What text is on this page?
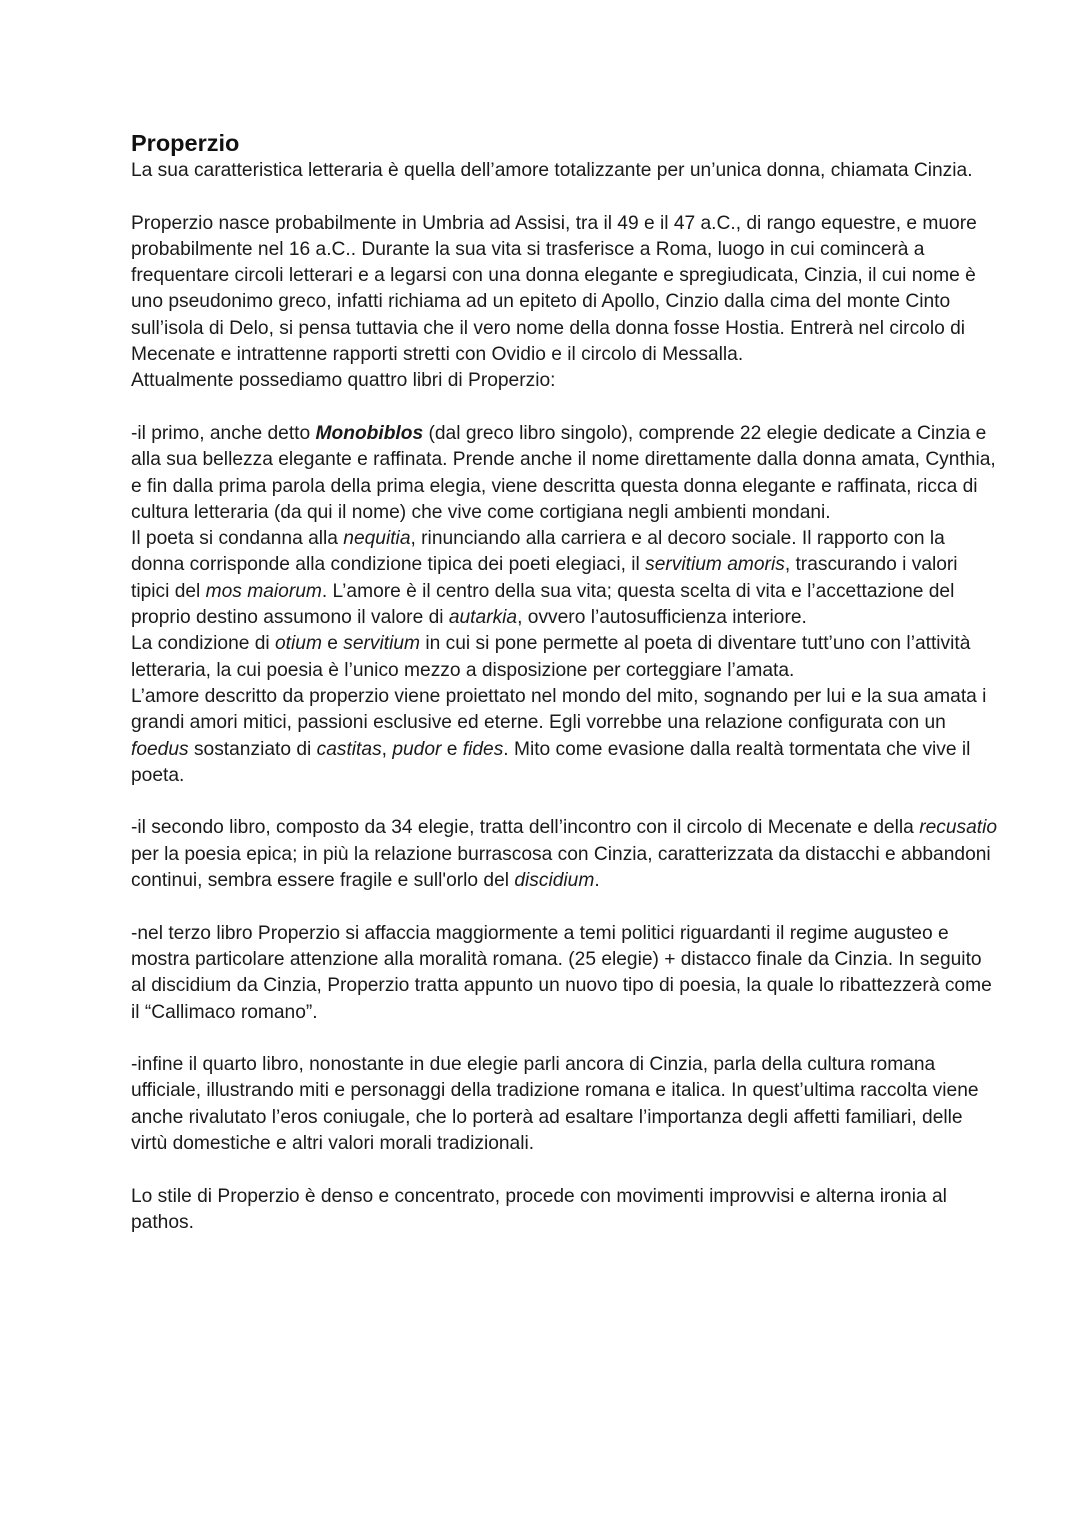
Properzio

La sua caratteristica letteraria è quella dell’amore totalizzante per un’unica donna, chiamata Cinzia.

Properzio nasce probabilmente in Umbria ad Assisi, tra il 49 e il 47 a.C., di rango equestre, e muore probabilmente nel 16 a.C.. Durante la sua vita si trasferisce a Roma, luogo in cui comincerà a frequentare circoli letterari e a legarsi con una donna elegante e spregiudicata, Cinzia, il cui nome è uno pseudonimo greco, infatti richiama ad un epiteto di Apollo, Cinzio dalla cima del monte Cinto sull’isola di Delo, si pensa tuttavia che il vero nome della donna fosse Hostia. Entrerà nel circolo di Mecenate e intrattenne rapporti stretti con Ovidio e il circolo di Messalla.

Attualmente possediamo quattro libri di Properzio:

-il primo, anche detto Monobiblos (dal greco libro singolo), comprende 22 elegie dedicate a Cinzia e alla sua bellezza elegante e raffinata. Prende anche il nome direttamente dalla donna amata, Cynthia, e fin dalla prima parola della prima elegia, viene descritta questa donna elegante e raffinata, ricca di cultura letteraria (da qui il nome) che vive come cortigiana negli ambienti mondani.

Il poeta si condanna alla nequitia, rinunciando alla carriera e al decoro sociale. Il rapporto con la donna corrisponde alla condizione tipica dei poeti elegiaci, il servitium amoris, trascurando i valori tipici del mos maiorum. L’amore è il centro della sua vita; questa scelta di vita e l’accettazione del proprio destino assumono il valore di autarkia, ovvero l’autosufficienza interiore.

La condizione di otium e servitium in cui si pone permette al poeta di diventare tutt’uno con l’attività letteraria, la cui poesia è l’unico mezzo a disposizione per corteggiare l’amata.

L’amore descritto da properzio viene proiettato nel mondo del mito, sognando per lui e la sua amata i grandi amori mitici, passioni esclusive ed eterne. Egli vorrebbe una relazione configurata con un foedus sostanziato di castitas, pudor e fides. Mito come evasione dalla realtà tormentata che vive il poeta.

-il secondo libro, composto da 34 elegie, tratta dell’incontro con il circolo di Mecenate e della recusatio per la poesia epica; in più la relazione burrascosa con Cinzia, caratterizzata da distacchi e abbandoni continui, sembra essere fragile e sull'orlo del discidium.

-nel terzo libro Properzio si affaccia maggiormente a temi politici riguardanti il regime augusteo e mostra particolare attenzione alla moralità romana. (25 elegie) + distacco finale da Cinzia. In seguito al discidium da Cinzia, Properzio tratta appunto un nuovo tipo di poesia, la quale lo ribattezzerà come il “Callimaco romano”.

-infine il quarto libro, nonostante in due elegie parli ancora di Cinzia, parla della cultura romana ufficiale, illustrando miti e personaggi della tradizione romana e italica. In quest’ultima raccolta viene anche rivalutato l’eros coniugale, che lo porterà ad esaltare l’importanza degli affetti familiari, delle virtù domestiche e altri valori morali tradizionali.

Lo stile di Properzio è denso e concentrato, procede con movimenti improvvisi e alterna ironia al pathos.
